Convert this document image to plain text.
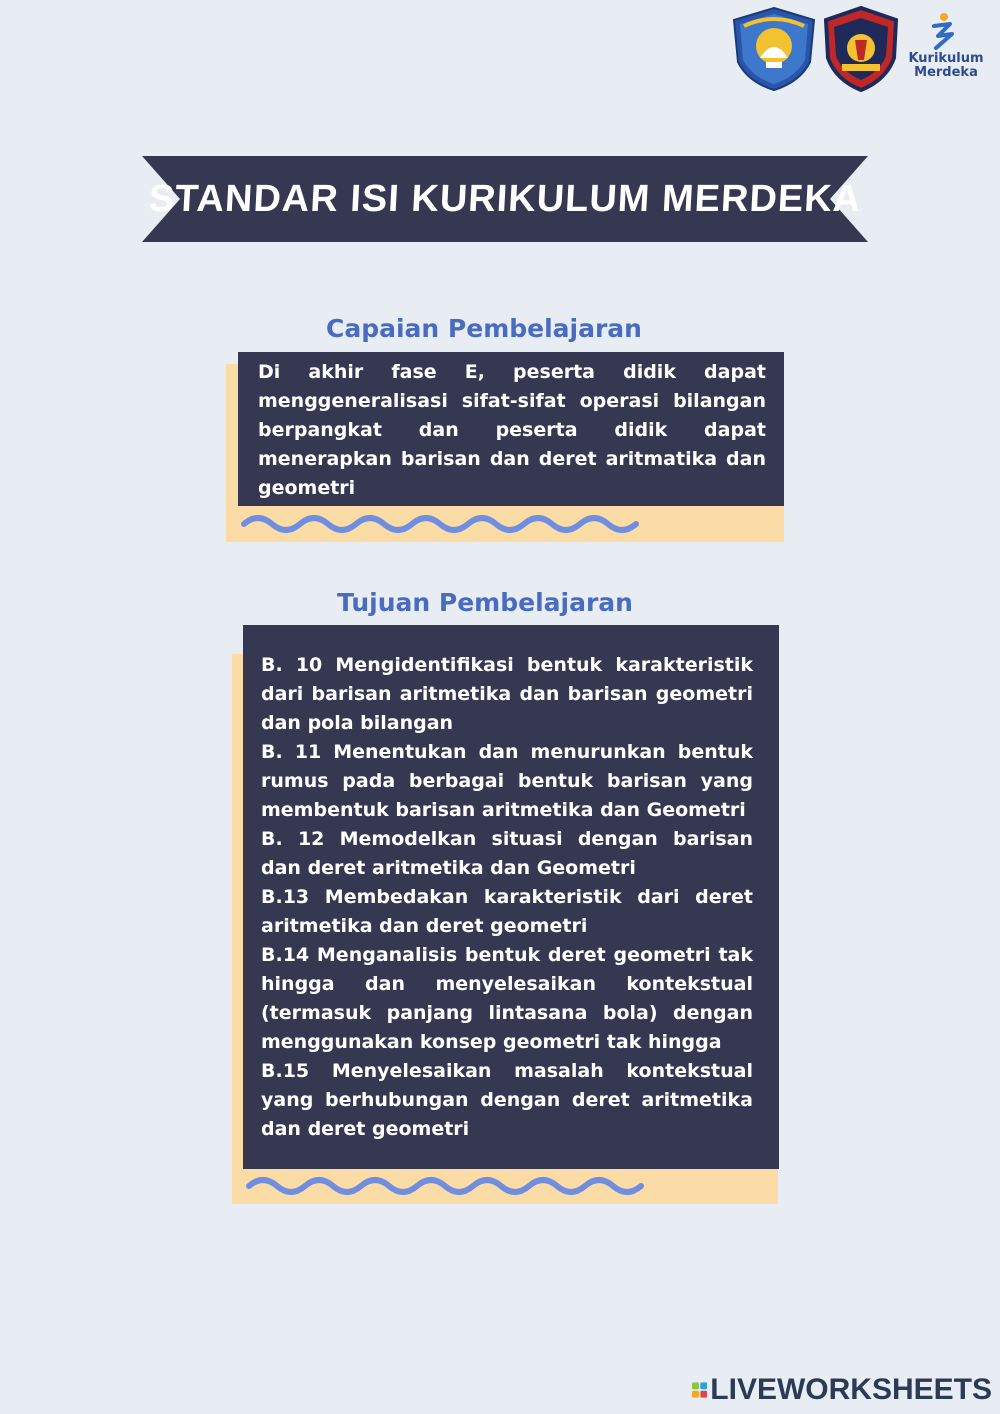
Kurikulum
Merdeka
STANDAR ISI KURIKULUM MERDEKA
Capaian Pembelajaran

Di akhir fase E, peserta didik dapat menggeneralisasi sifat-sifat operasi bilangan berpangkat dan peserta didik dapat menerapkan barisan dan deret aritmatika dan geometri

Tujuan Pembelajaran

B. 10 Mengidentifikasi bentuk karakteristik dari barisan aritmetika dan barisan geometri dan pola bilangan

B. 11 Menentukan dan menurunkan bentuk rumus pada berbagai bentuk barisan yang membentuk barisan aritmetika dan Geometri

B. 12 Memodelkan situasi dengan barisan dan deret aritmetika dan Geometri

B.13 Membedakan karakteristik dari deret aritmetika dan deret geometri

B.14 Menganalisis bentuk deret geometri tak hingga dan menyelesaikan kontekstual (termasuk panjang lintasana bola) dengan menggunakan konsep geometri tak hingga

B.15 Menyelesaikan masalah kontekstual yang berhubungan dengan deret aritmetika dan deret geometri

LIVEWORKSHEETS
